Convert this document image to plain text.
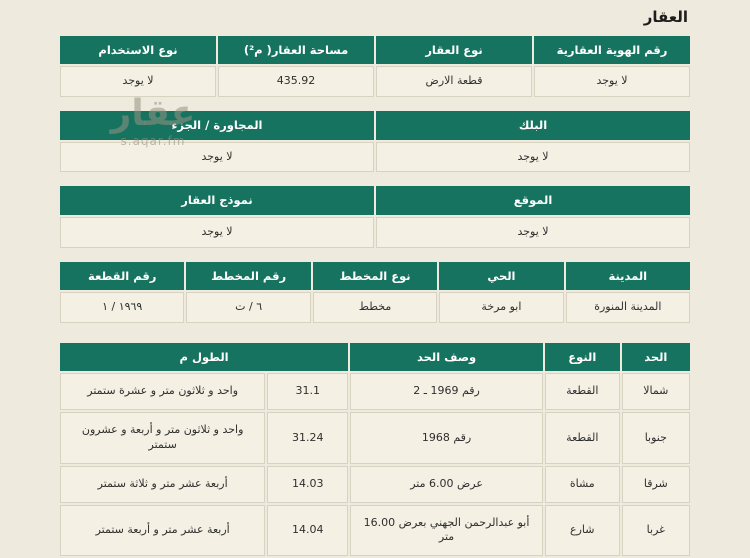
العقار
رقم الهوية العقارية	نوع العقار	مساحة العقار( م²)	نوع الاستخدام
لا يوجد	قطعة الارض	435.92	لا يوجد
البلك	المجاورة / الجزء
لا يوجد	لا يوجد
الموقع	نموذج العقار
لا يوجد	لا يوجد
المدينة	الحي	نوع المخطط	رقم المخطط	رقم القطعة
المدينة المنورة	ابو مرخة	مخطط	٦ / ت	١٩٦٩ / ١
الحد	النوع	وصف الحد	الطول م	
شمالا	القطعة	رقم 1969 ـ 2	31.1	واحد و ثلاثون متر و عشرة ستمتر
جنوبا	القطعة	رقم 1968	31.24	واحد و ثلاثون متر و أربعة و عشرون ستمتر
شرقا	مشاة	عرض 6.00 متر	14.03	أربعة عشر متر و ثلاثة ستمتر
غربا	شارع	أبو عبدالرحمن الجهني بعرض 16.00 متر	14.04	أربعة عشر متر و أربعة ستمتر
عقار
s.aqar.fm
